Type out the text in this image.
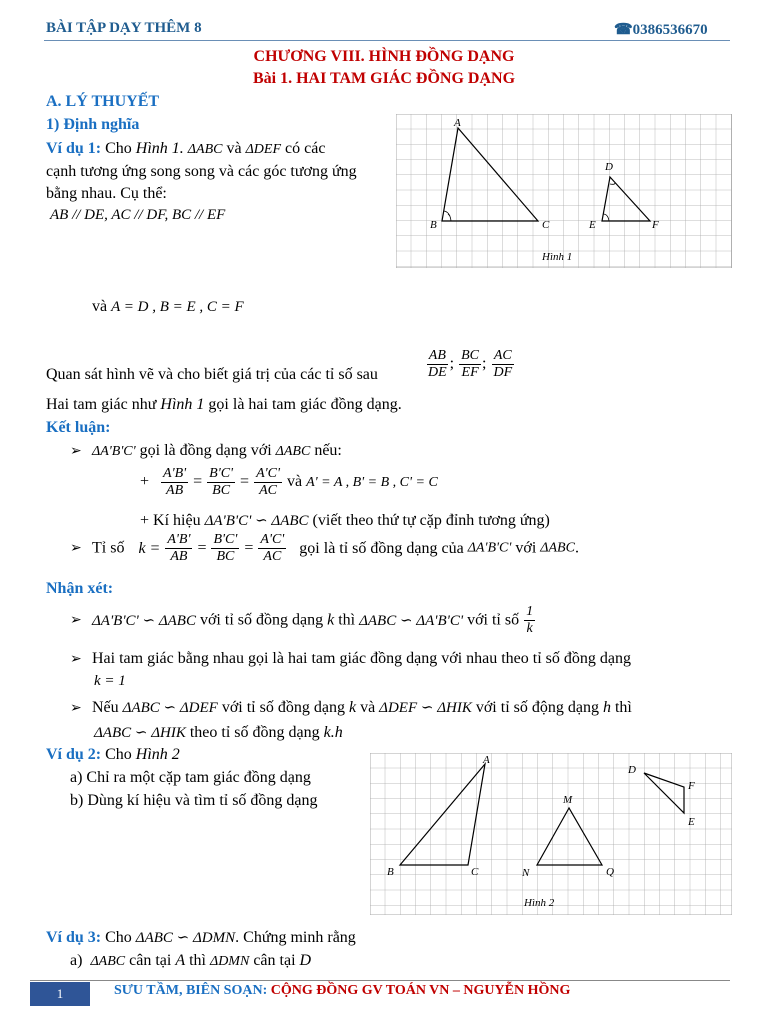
BÀI TẬP DẠY THÊM 8	☎0386536670
CHƯƠNG VIII. HÌNH ĐỒNG DẠNG
Bài 1. HAI TAM GIÁC ĐỒNG DẠNG
A. LÝ THUYẾT
1) Định nghĩa
Ví dụ 1: Cho Hình 1. ΔABC và ΔDEF có các
cạnh tương ứng song song và các góc tương ứng
bằng nhau. Cụ thể:
AB // DE, AC // DF, BC // EF
và A = D , B = E , C = F
A
B	C
D
E	F
Hình 1
Quan sát hình vẽ và cho biết giá trị của các tỉ số sau	$\frac{AB}{DE}$ ; $\frac{BC}{EF}$ ; $\frac{AC}{DF}$
Hai tam giác như Hình 1 gọi là hai tam giác đồng dạng.
Kết luận:
➢ ΔA'B'C' gọi là đồng dạng với ΔABC nếu:
+ $\frac{A'B'}{AB} = \frac{B'C'}{BC} = \frac{A'C'}{AC}$ và A' = A , B' = B , C' = C
+ Kí hiệu ΔA'B'C' ∽ ΔABC (viết theo thứ tự cặp đỉnh tương ứng)
➢ Tỉ số $k = \frac{A'B'}{AB} = \frac{B'C'}{BC} = \frac{A'C'}{AC}$ gọi là tỉ số đồng dạng của ΔA'B'C' với ΔABC.
Nhận xét:
➢ ΔA'B'C' ∽ ΔABC với tỉ số đồng dạng k thì ΔABC ∽ ΔA'B'C' với tỉ số $\frac{1}{k}$
➢ Hai tam giác bằng nhau gọi là hai tam giác đồng dạng với nhau theo tỉ số đồng dạng
k = 1
➢ Nếu ΔABC ∽ ΔDEF với tỉ số đồng dạng k và ΔDEF ∽ ΔHIK với tỉ số động dạng h thì
ΔABC ∽ ΔHIK theo tỉ số đồng dạng k.h
Ví dụ 2: Cho Hình 2
a) Chỉ ra một cặp tam giác đồng dạng
b) Dùng kí hiệu và tìm tỉ số đồng dạng
A
B	C
M
N	Q
D
F
E
Hình 2
Ví dụ 3: Cho ΔABC ∽ ΔDMN. Chứng minh rằng
a) ΔABC cân tại A thì ΔDMN cân tại D
1	SƯU TẦM, BIÊN SOẠN: CỘNG ĐỒNG GV TOÁN VN – NGUYỄN HỒNG
